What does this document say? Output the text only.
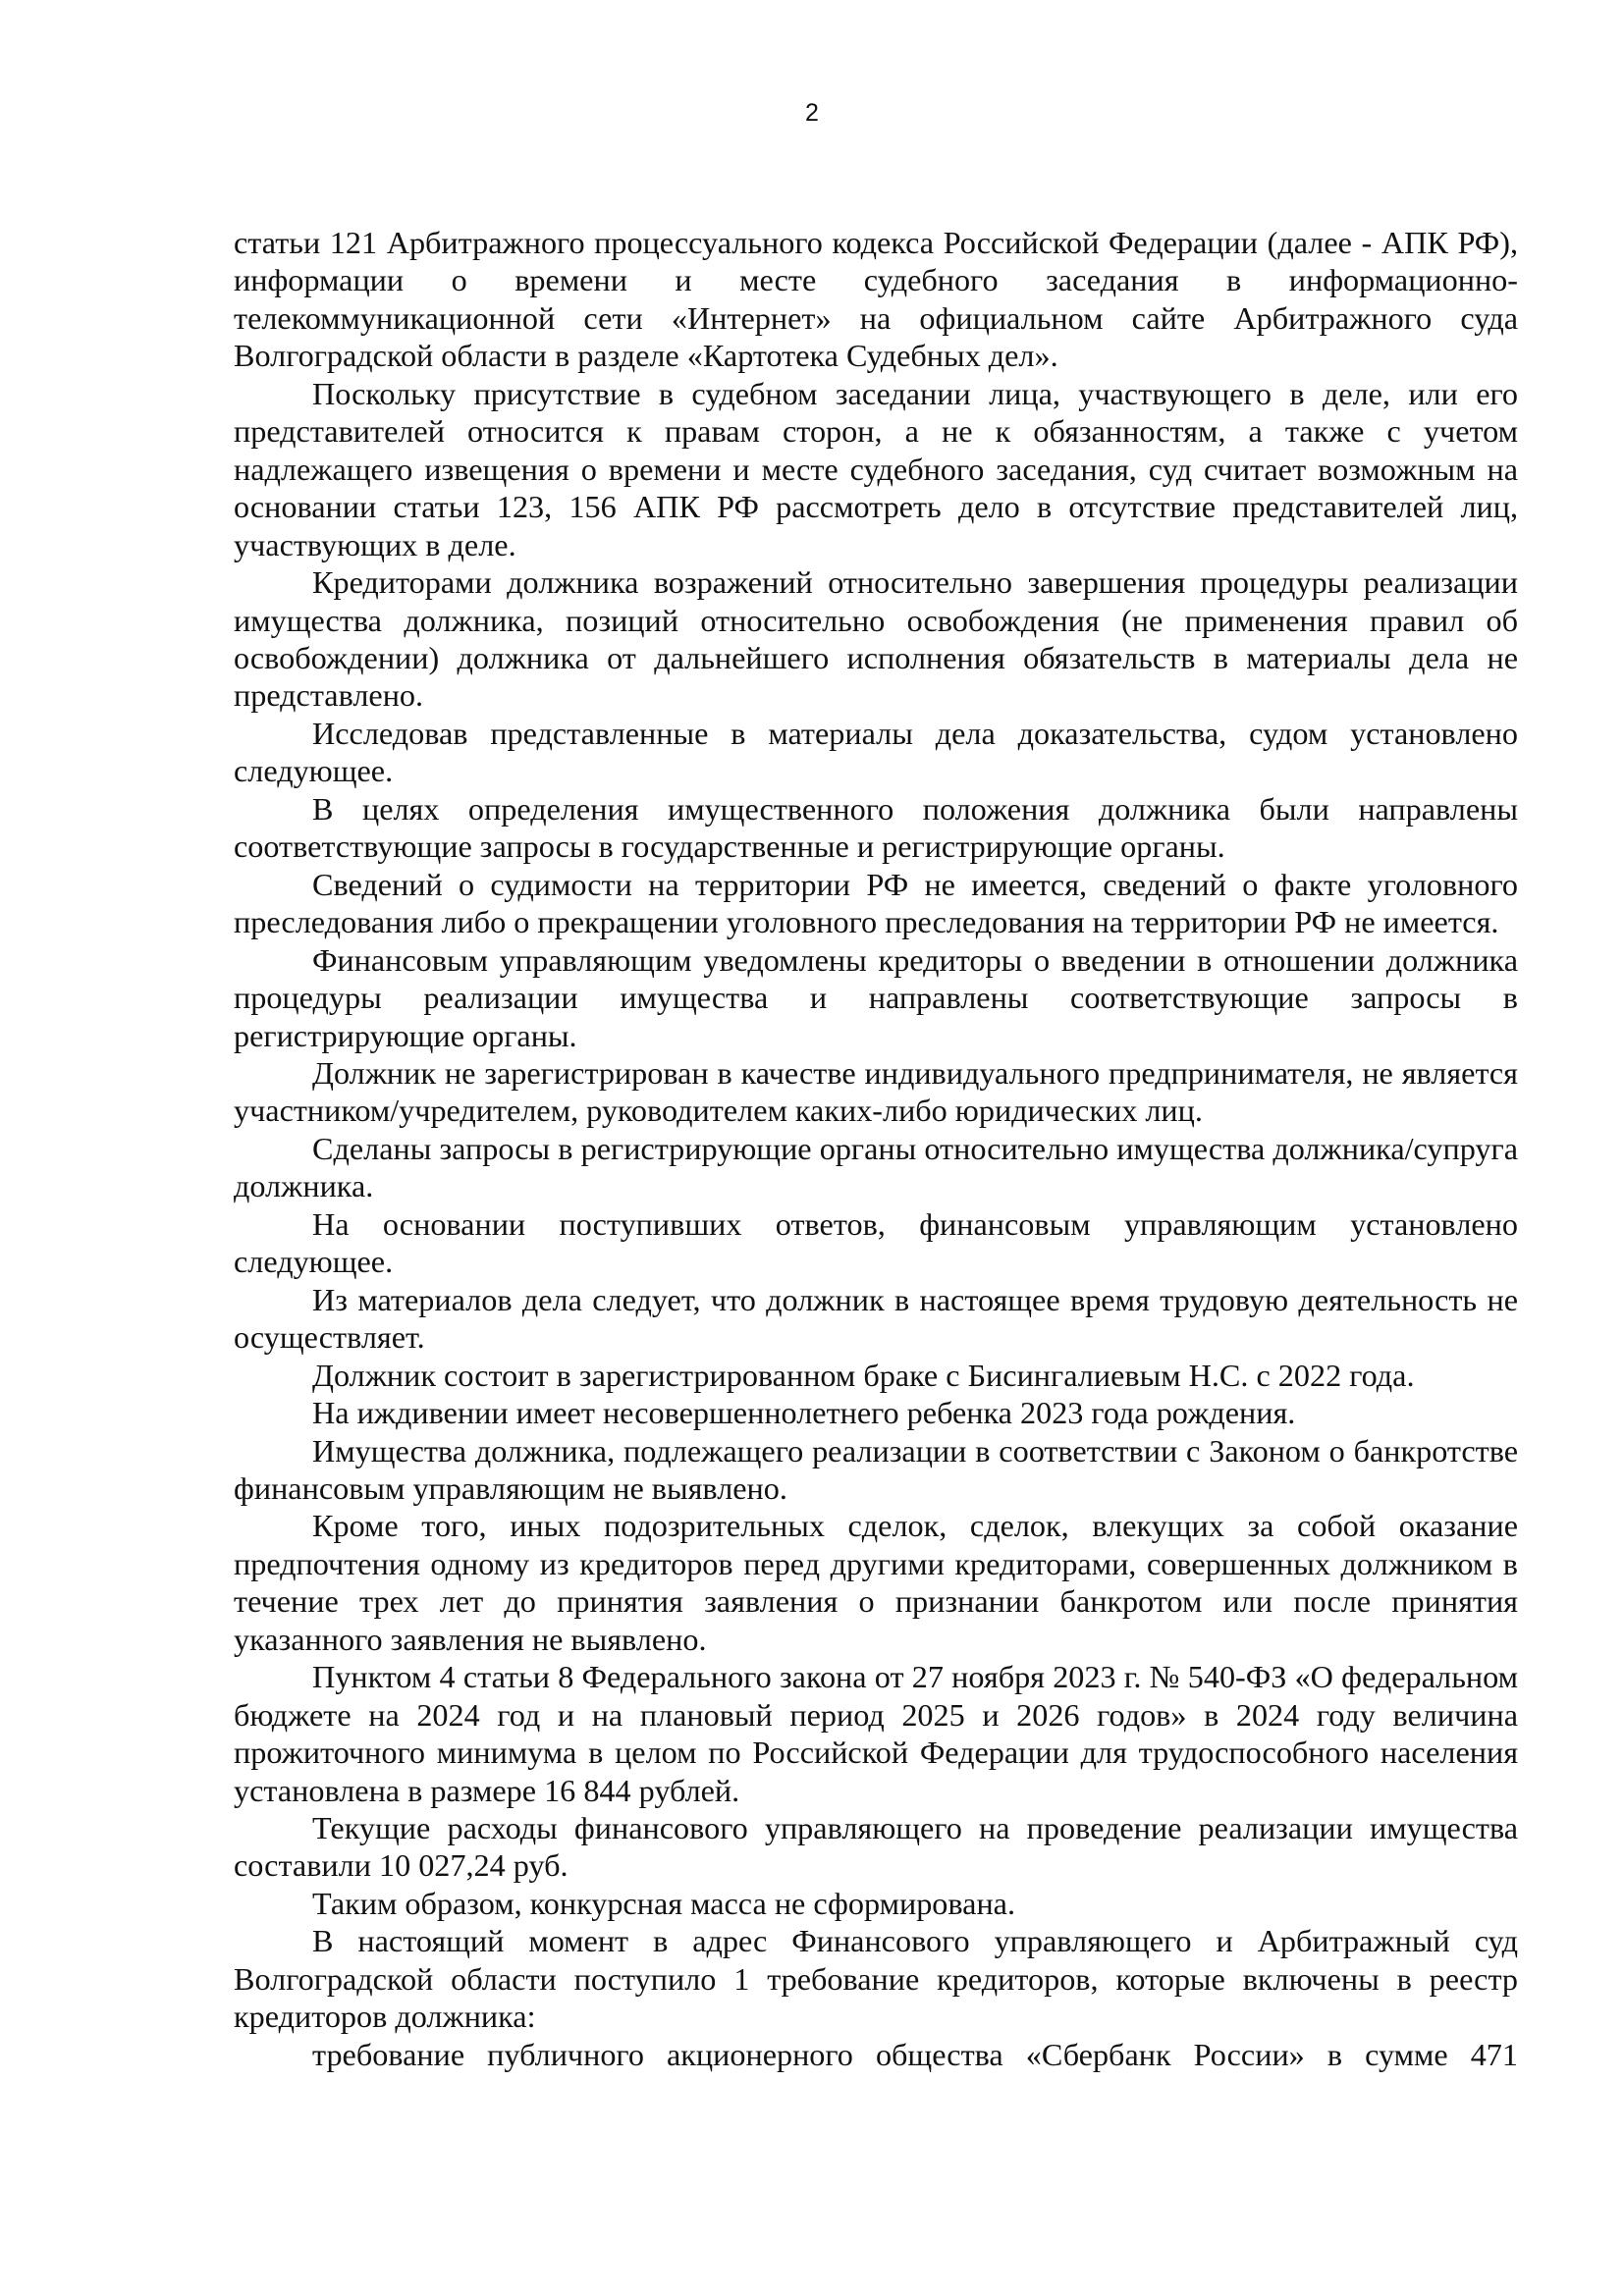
2

статьи 121 Арбитражного процессуального кодекса Российской Федерации (далее - АПК РФ), информации о времени и месте судебного заседания в информационно-телекоммуникационной сети «Интернет» на официальном сайте Арбитражного суда Волгоградской области в разделе «Картотека Судебных дел».

Поскольку присутствие в судебном заседании лица, участвующего в деле, или его представителей относится к правам сторон, а не к обязанностям, а также с учетом надлежащего извещения о времени и месте судебного заседания, суд считает возможным на основании статьи 123, 156 АПК РФ рассмотреть дело в отсутствие представителей лиц, участвующих в деле.

Кредиторами должника возражений относительно завершения процедуры реализации имущества должника, позиций относительно освобождения (не применения правил об освобождении) должника от дальнейшего исполнения обязательств в материалы дела не представлено.

Исследовав представленные в материалы дела доказательства, судом установлено следующее.

В целях определения имущественного положения должника были направлены соответствующие запросы в государственные и регистрирующие органы.

Сведений о судимости на территории РФ не имеется, сведений о факте уголовного преследования либо о прекращении уголовного преследования на территории РФ не имеется.

Финансовым управляющим уведомлены кредиторы о введении в отношении должника процедуры реализации имущества и направлены соответствующие запросы в регистрирующие органы.

Должник не зарегистрирован в качестве индивидуального предпринимателя, не является участником/учредителем, руководителем каких-либо юридических лиц.

Сделаны запросы в регистрирующие органы относительно имущества должника/супруга должника.

На основании поступивших ответов, финансовым управляющим установлено следующее.

Из материалов дела следует, что должник в настоящее время трудовую деятельность не осуществляет.

Должник состоит в зарегистрированном браке с Бисингалиевым Н.С. с 2022 года.

На иждивении имеет несовершеннолетнего ребенка 2023 года рождения.

Имущества должника, подлежащего реализации в соответствии с Законом о банкротстве финансовым управляющим не выявлено.

Кроме того, иных подозрительных сделок, сделок, влекущих за собой оказание предпочтения одному из кредиторов перед другими кредиторами, совершенных должником в течение трех лет до принятия заявления о признании банкротом или после принятия указанного заявления не выявлено.

Пунктом 4 статьи 8 Федерального закона от 27 ноября 2023 г. № 540-ФЗ «О федеральном бюджете на 2024 год и на плановый период 2025 и 2026 годов» в 2024 году величина прожиточного минимума в целом по Российской Федерации для трудоспособного населения установлена в размере 16 844 рублей.

Текущие расходы финансового управляющего на проведение реализации имущества составили 10 027,24 руб.

Таким образом, конкурсная масса не сформирована.

В настоящий момент в адрес Финансового управляющего и Арбитражный суд Волгоградской области поступило 1 требование кредиторов, которые включены в реестр кредиторов должника:

требование публичного акционерного общества «Сбербанк России» в сумме 471
